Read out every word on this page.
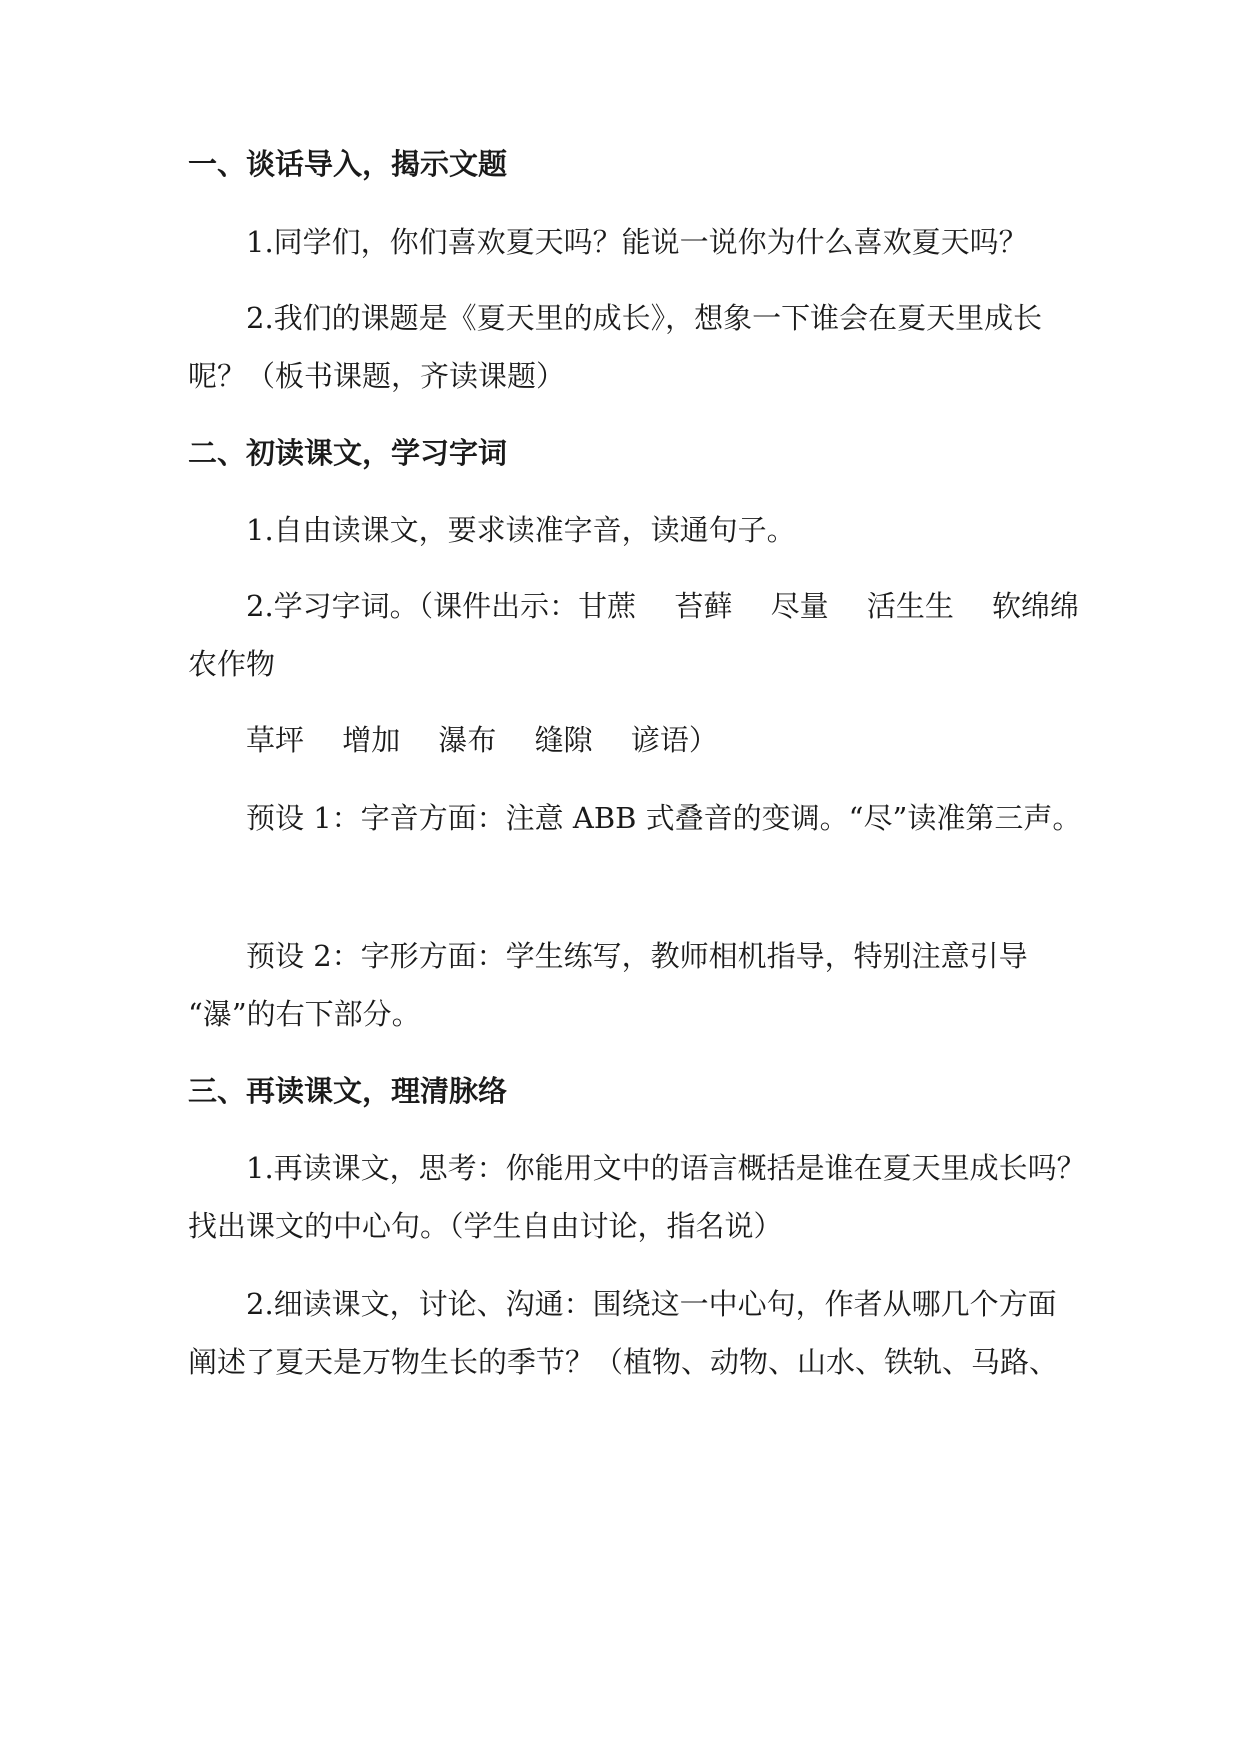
一、谈话导入，揭示文题
1.同学们，你们喜欢夏天吗？能说一说你为什么喜欢夏天吗？
2.我们的课题是《夏天里的成长》，想象一下谁会在夏天里成长
呢？（板书课题，齐读课题）
二、初读课文，学习字词
1.自由读课文，要求读准字音，读通句子。
2.学习字词。（课件出示：甘蔗　 苔藓　 尽量　 活生生　 软绵绵
农作物
草坪　 增加　 瀑布　 缝隙　 谚语）
预设 1：字音方面：注意 ABB 式叠音的变调。“尽”读准第三声。
预设 2：字形方面：学生练写，教师相机指导，特别注意引导
“瀑”的右下部分。
三、再读课文，理清脉络
1.再读课文，思考：你能用文中的语言概括是谁在夏天里成长吗？
找出课文的中心句。（学生自由讨论，指名说）
2.细读课文，讨论、沟通：围绕这一中心句，作者从哪几个方面
阐述了夏天是万物生长的季节？（植物、动物、山水、铁轨、马路、
